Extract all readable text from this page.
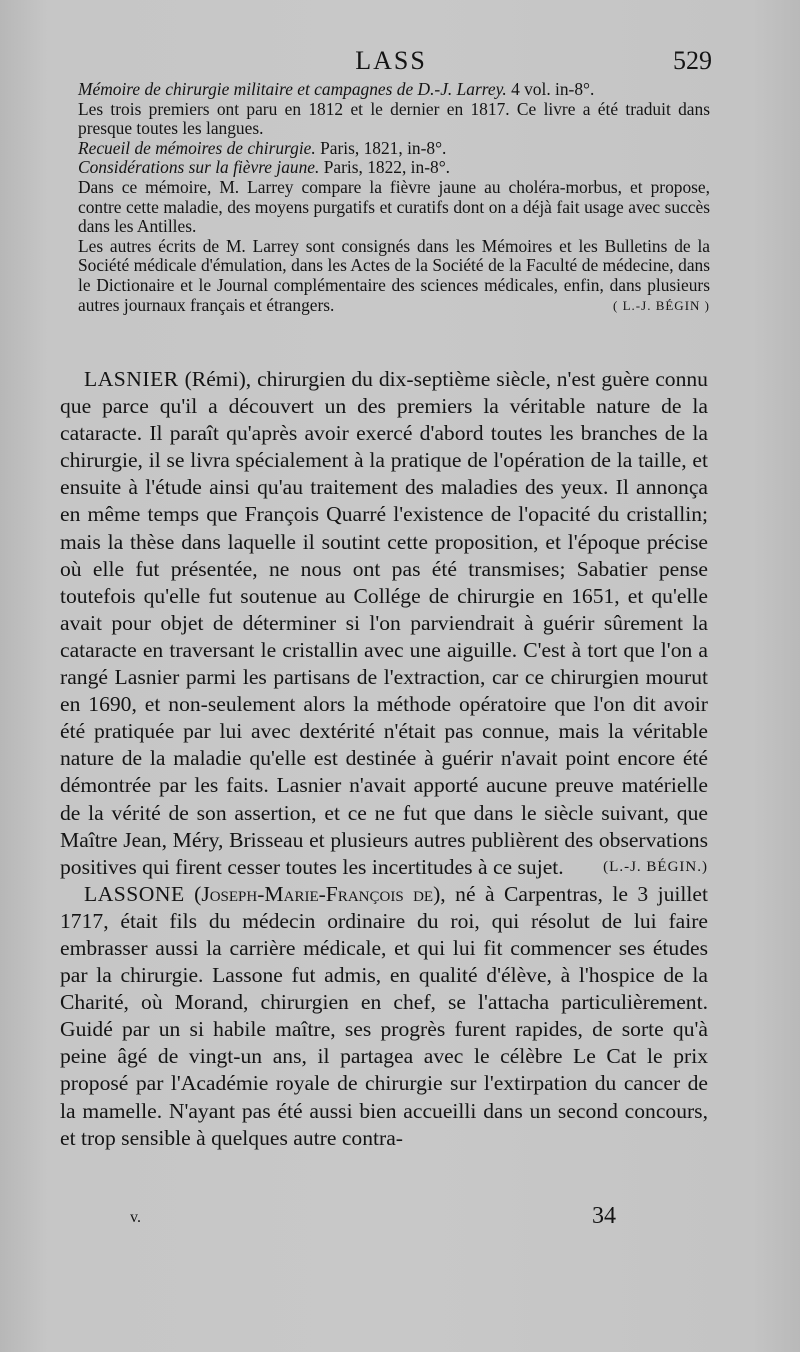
LASS	529

Mémoire de chirurgie militaire et campagnes de D.-J. Larrey. 4 vol. in-8°.

Les trois premiers ont paru en 1812 et le dernier en 1817. Ce livre a été traduit dans presque toutes les langues.

Recueil de mémoires de chirurgie. Paris, 1821, in-8°.

Considérations sur la fièvre jaune. Paris, 1822, in-8°.

Dans ce mémoire, M. Larrey compare la fièvre jaune au choléra-morbus, et propose, contre cette maladie, des moyens purgatifs et curatifs dont on a déjà fait usage avec succès dans les Antilles.

Les autres écrits de M. Larrey sont consignés dans les Mémoires et les Bulletins de la Société médicale d'émulation, dans les Actes de la Société de la Faculté de médecine, dans le Dictionaire et le Journal complémentaire des sciences médicales, enfin, dans plusieurs autres journaux français et étrangers.	( L.-J. BÉGIN )

LASNIER (Rémi), chirurgien du dix-septième siècle, n'est guère connu que parce qu'il a découvert un des premiers la véritable nature de la cataracte. Il paraît qu'après avoir exercé d'abord toutes les branches de la chirurgie, il se livra spécialement à la pratique de l'opération de la taille, et ensuite à l'étude ainsi qu'au traitement des maladies des yeux. Il annonça en même temps que François Quarré l'existence de l'opacité du cristallin; mais la thèse dans laquelle il soutint cette proposition, et l'époque précise où elle fut présentée, ne nous ont pas été transmises; Sabatier pense toutefois qu'elle fut soutenue au Collége de chirurgie en 1651, et qu'elle avait pour objet de déterminer si l'on parviendrait à guérir sûrement la cataracte en traversant le cristallin avec une aiguille. C'est à tort que l'on a rangé Lasnier parmi les partisans de l'extraction, car ce chirurgien mourut en 1690, et non-seulement alors la méthode opératoire que l'on dit avoir été pratiquée par lui avec dextérité n'était pas connue, mais la véritable nature de la maladie qu'elle est destinée à guérir n'avait point encore été démontrée par les faits. Lasnier n'avait apporté aucune preuve matérielle de la vérité de son assertion, et ce ne fut que dans le siècle suivant, que Maître Jean, Méry, Brisseau et plusieurs autres publièrent des observations positives qui firent cesser toutes les incertitudes à ce sujet.	(L.-J. BÉGIN.)

LASSONE (Joseph-Marie-François de), né à Carpentras, le 3 juillet 1717, était fils du médecin ordinaire du roi, qui résolut de lui faire embrasser aussi la carrière médicale, et qui lui fit commencer ses études par la chirurgie. Lassone fut admis, en qualité d'élève, à l'hospice de la Charité, où Morand, chirurgien en chef, se l'attacha particulièrement. Guidé par un si habile maître, ses progrès furent rapides, de sorte qu'à peine âgé de vingt-un ans, il partagea avec le célèbre Le Cat le prix proposé par l'Académie royale de chirurgie sur l'extirpation du cancer de la mamelle. N'ayant pas été aussi bien accueilli dans un second concours, et trop sensible à quelques autre contra-

v.	34
